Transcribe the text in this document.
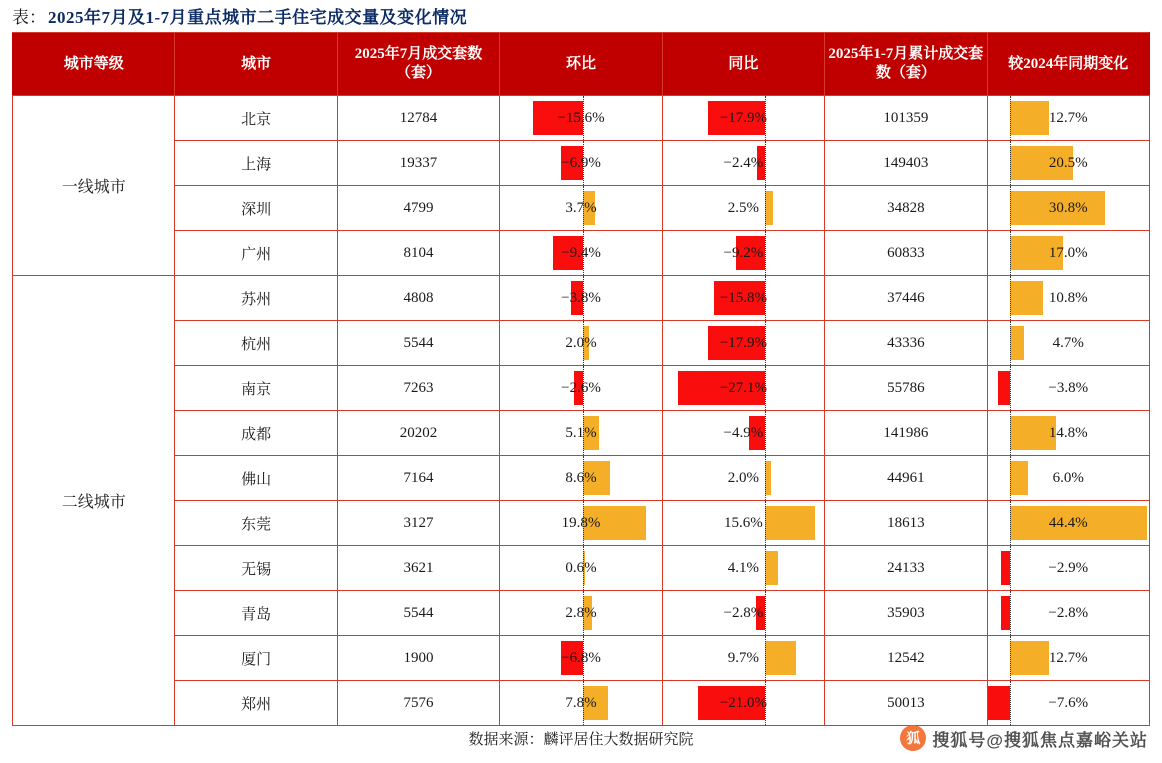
表： 2025年7月及1-7月重点城市二手住宅成交量及变化情况
城市等级	城市	2025年7月成交套数（套）	环比	同比	2025年1-7月累计成交套数（套）	较2024年同期变化
一线城市	北京	12784	−15.6%	−17.9%	101359	12.7%

	上海	19337	−6.9%	−2.4%	149403	20.5%

	深圳	4799	3.7%	2.5%	34828	30.8%

	广州	8104	−9.4%	−9.2%	60833	17.0%

二线城市	苏州	4808	−3.8%	−15.8%	37446	10.8%

	杭州	5544	2.0%	−17.9%	43336	4.7%

	南京	7263	−2.6%	−27.1%	55786	−3.8%

	成都	20202	5.1%	−4.9%	141986	14.8%

	佛山	7164	8.6%	2.0%	44961	6.0%

	东莞	3127	19.8%	15.6%	18613	44.4%

	无锡	3621	0.6%	4.1%	24133	−2.9%

	青岛	5544	2.8%	−2.8%	35903	−2.8%

	厦门	1900	−6.8%	9.7%	12542	12.7%

	郑州	7576	7.8%	−21.0%	50013	−7.6%
数据来源：麟评居住大数据研究院	狐 搜狐号@搜狐焦点嘉峪关站
